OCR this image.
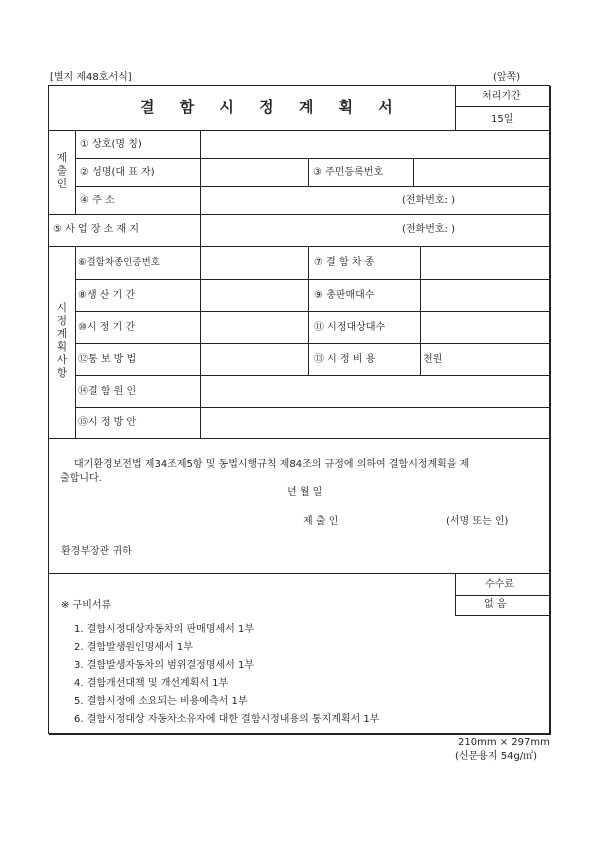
[별지 제48호서식]	(앞쪽)
결 함 시 정 계 획 서
처리기간
15일
제
출
인
① 상호(명 칭)
② 성명(대 표 자)	③ 주민등록번호
④ 주 소	(전화번호: )
⑤ 사 업 장 소 재 지	(전화번호: )
시
정
계
획
사
항
⑥결함차종인증번호	⑦ 결 함 차 종
⑧생 산 기 간	⑨ 총판매대수
⑩시 정 기 간	⑪ 시정대상대수
⑫통 보 방 법	⑬ 시 정 비 용	천원
⑭결 함 원 인
⑮시 정 방 안
대기환경보전법 제34조제5항 및 동법시행규칙 제84조의 규정에 의하여 결함시정계획을 제
출합니다.
년 월 일
제 출 인	(서명 또는 인)
환경부장관 귀하
수수료
없 음
※ 구비서류
1. 결함시정대상자동차의 판매명세서 1부
2. 결함발생원인명세서 1부
3. 결함발생자동차의 범위결정명세서 1부
4. 결함개선대책 및 개선계획서 1부
5. 결함시정에 소요되는 비용예측서 1부
6. 결함시정대상 자동차소유자에 대한 결함시정내용의 통지계획서 1부
210mm × 297mm
(신문용지 54g/㎡)
